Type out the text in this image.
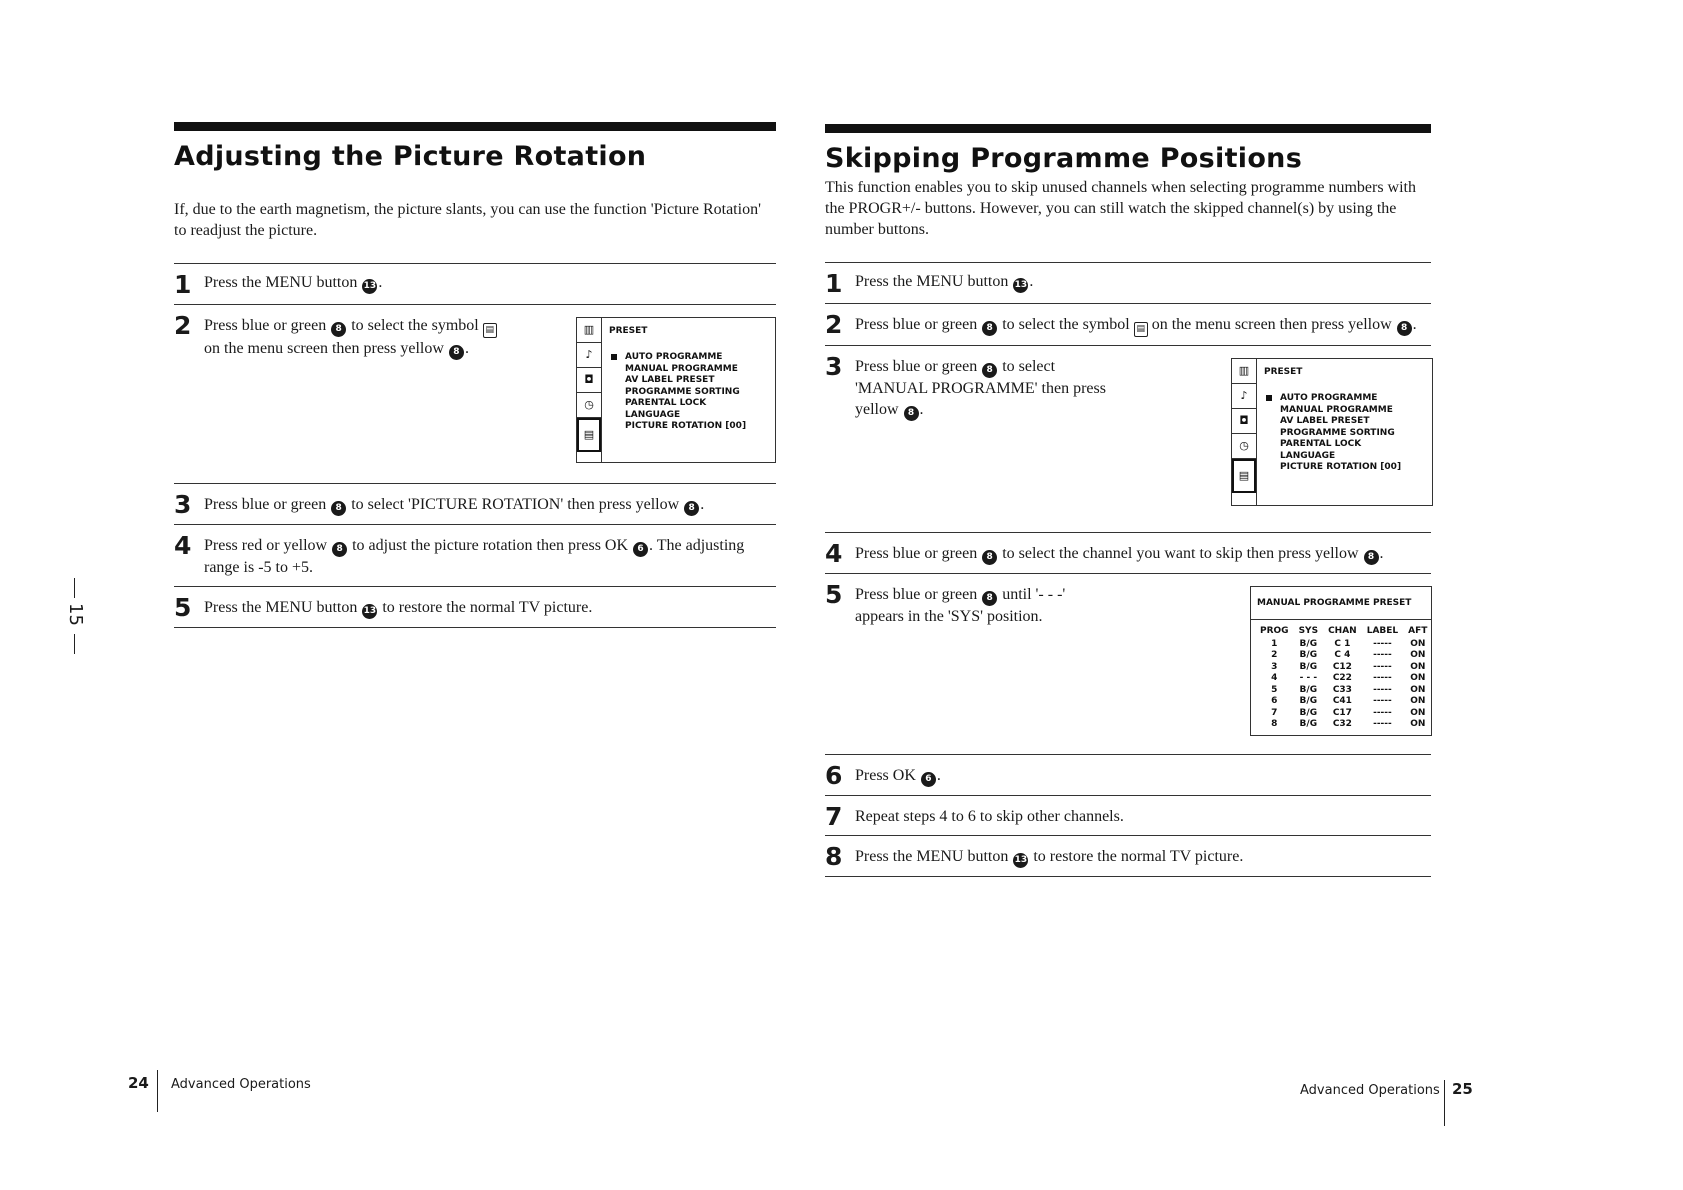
Adjusting the Picture Rotation

If, due to the earth magnetism, the picture slants, you can use the function 'Picture Rotation' to readjust the picture.

1 Press the MENU button 13 .
2 Press blue or green 8 to select the symbol ▤ on the menu screen then press yellow 8 .
▥
♪
◘
◷
▤
PRESET
AUTO PROGRAMME
MANUAL PROGRAMME
AV LABEL PRESET
PROGRAMME SORTING
PARENTAL LOCK
LANGUAGE
PICTURE ROTATION [00]
3 Press blue or green 8 to select 'PICTURE ROTATION' then press yellow 8 .
4 Press red or yellow 8 to adjust the picture rotation then press OK 6 . The adjusting range is -5 to +5.
5 Press the MENU button 13 to restore the normal TV picture.
Skipping Programme Positions

This function enables you to skip unused channels when selecting programme numbers with the PROGR+/- buttons. However, you can still watch the skipped channel(s) by using the number buttons.

1 Press the MENU button 13 .
2 Press blue or green 8 to select the symbol ▤ on the menu screen then press yellow 8 .
3 Press blue or green 8 to select 'MANUAL PROGRAMME' then press yellow 8 .
▥
♪
◘
◷
▤
PRESET
AUTO PROGRAMME
MANUAL PROGRAMME
AV LABEL PRESET
PROGRAMME SORTING
PARENTAL LOCK
LANGUAGE
PICTURE ROTATION [00]
4 Press blue or green 8 to select the channel you want to skip then press yellow 8 .
5 Press blue or green 8 until '- - -' appears in the 'SYS' position.
MANUAL PROGRAMME PRESET
PROG	SYS	CHAN	LABEL	AFT
1	B/G	C 1	-----	ON
2	B/G	C 4	-----	ON
3	B/G	C12	-----	ON
4	- - -	C22	-----	ON
5	B/G	C33	-----	ON
6	B/G	C41	-----	ON
7	B/G	C17	-----	ON
8	B/G	C32	-----	ON
6 Press OK 6 .
7 Repeat steps 4 to 6 to skip other channels.
8 Press the MENU button 13 to restore the normal TV picture.
15
24 Advanced Operations	Advanced Operations 25
